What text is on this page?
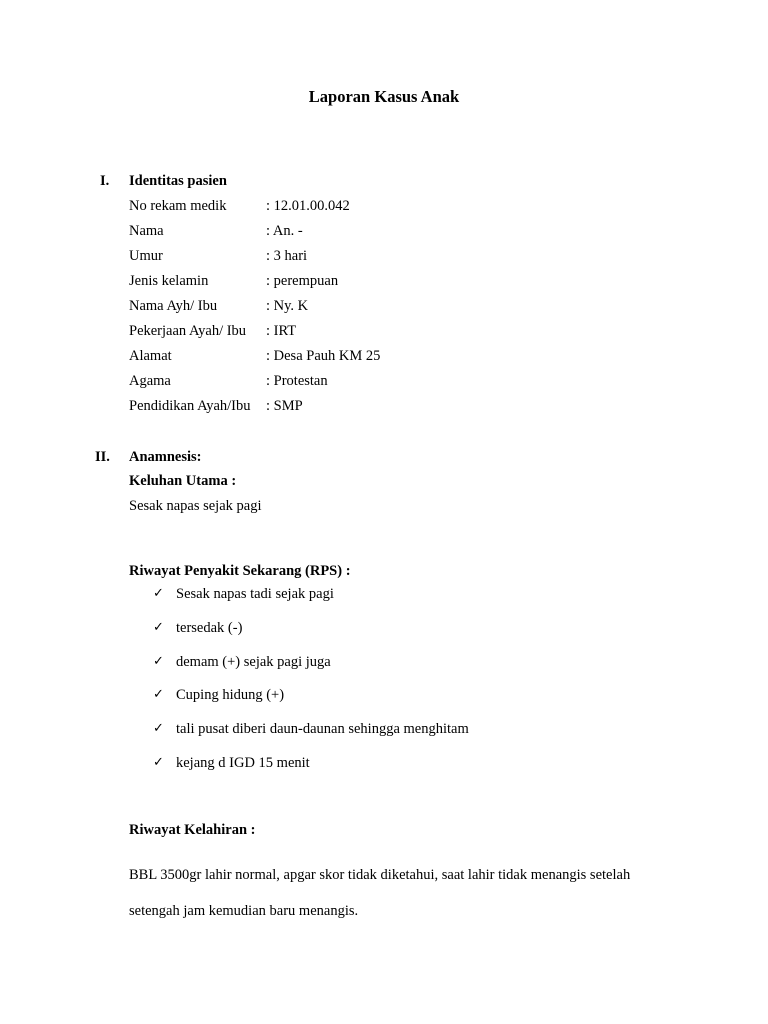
Laporan Kasus Anak
I. Identitas pasien
No rekam medik	: 12.01.00.042
Nama	: An. -
Umur	: 3 hari
Jenis kelamin	: perempuan
Nama Ayh/ Ibu	: Ny. K
Pekerjaan Ayah/ Ibu : IRT
Alamat	: Desa Pauh KM 25
Agama	: Protestan
Pendidikan Ayah/Ibu : SMP
II. Anamnesis:
Keluhan Utama :
Sesak napas sejak pagi
Riwayat Penyakit Sekarang (RPS) :
✓ Sesak napas tadi sejak pagi
✓ tersedak (-)
✓ demam (+) sejak pagi juga
✓ Cuping hidung (+)
✓ tali pusat diberi daun-daunan sehingga menghitam
✓ kejang d IGD 15 menit
Riwayat Kelahiran :
BBL 3500gr lahir normal, apgar skor tidak diketahui, saat lahir tidak menangis setelah
setengah jam kemudian baru menangis.
